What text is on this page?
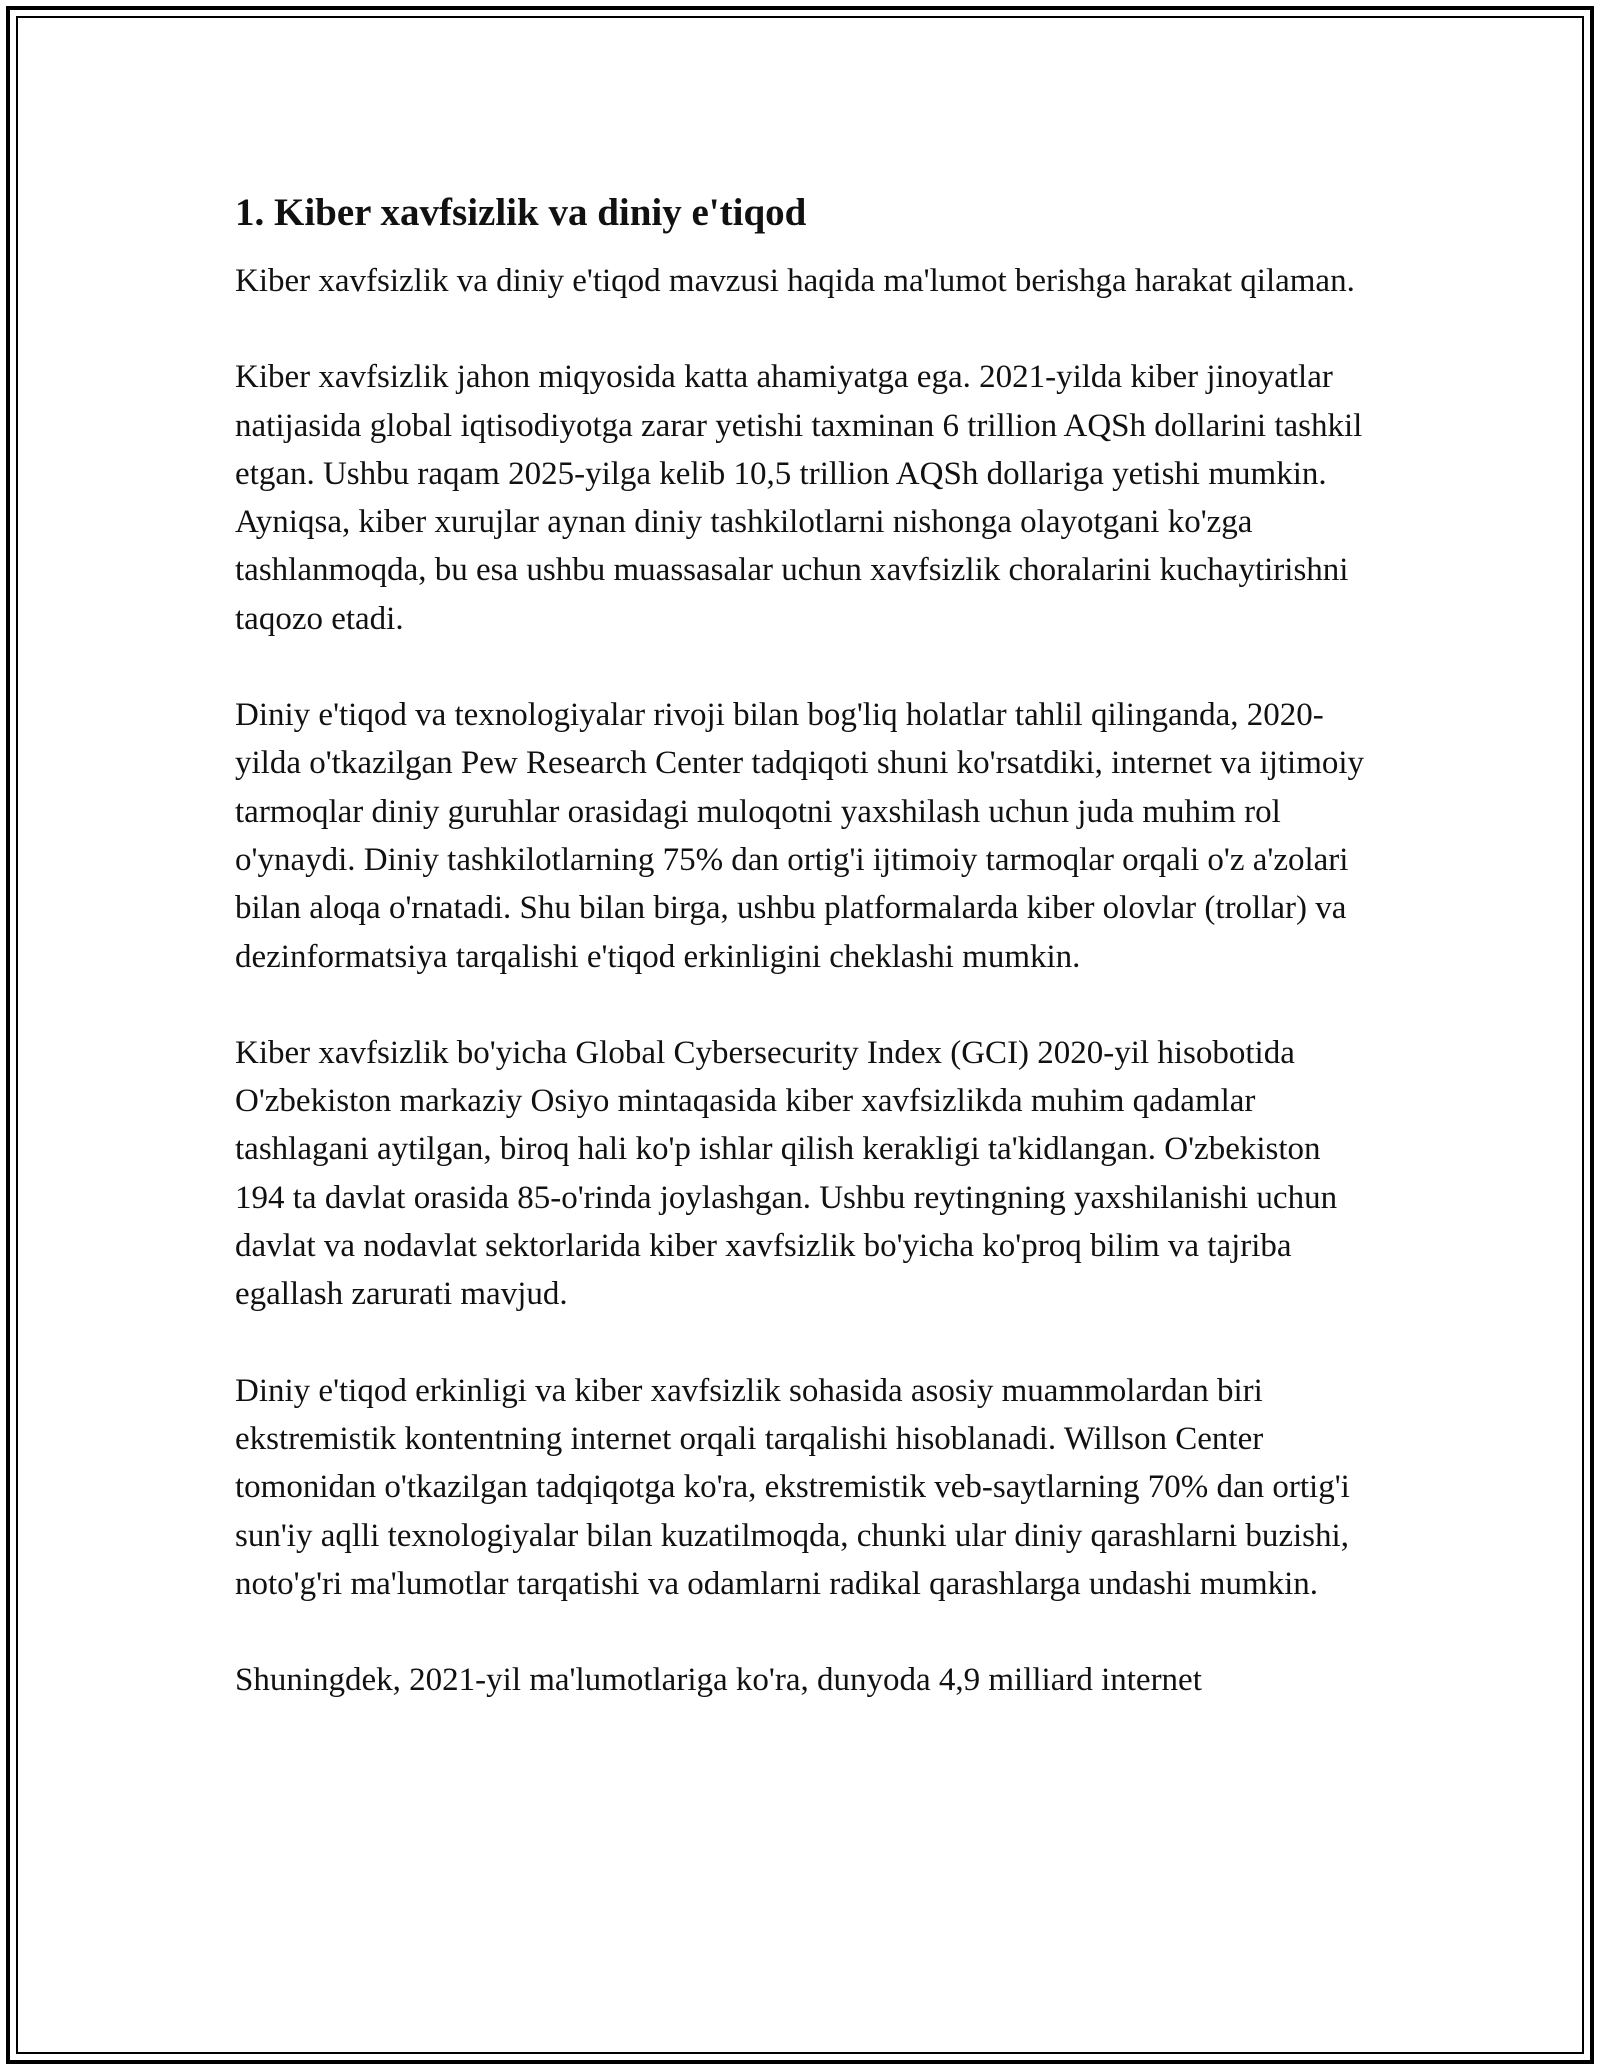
1. Kiber xavfsizlik va diniy e'tiqod

Kiber xavfsizlik va diniy e'tiqod mavzusi haqida ma'lumot berishga harakat qilaman.

Kiber xavfsizlik jahon miqyosida katta ahamiyatga ega. 2021-yilda kiber jinoyatlar natijasida global iqtisodiyotga zarar yetishi taxminan 6 trillion AQSh dollarini tashkil etgan. Ushbu raqam 2025-yilga kelib 10,5 trillion AQSh dollariga yetishi mumkin. Ayniqsa, kiber xurujlar aynan diniy tashkilotlarni nishonga olayotgani ko'zga tashlanmoqda, bu esa ushbu muassasalar uchun xavfsizlik choralarini kuchaytirishni taqozo etadi.

Diniy e'tiqod va texnologiyalar rivoji bilan bog'liq holatlar tahlil qilinganda, 2020-yilda o'tkazilgan Pew Research Center tadqiqoti shuni ko'rsatdiki, internet va ijtimoiy tarmoqlar diniy guruhlar orasidagi muloqotni yaxshilash uchun juda muhim rol o'ynaydi. Diniy tashkilotlarning 75% dan ortig'i ijtimoiy tarmoqlar orqali o'z a'zolari bilan aloqa o'rnatadi. Shu bilan birga, ushbu platformalarda kiber olovlar (trollar) va dezinformatsiya tarqalishi e'tiqod erkinligini cheklashi mumkin.

Kiber xavfsizlik bo'yicha Global Cybersecurity Index (GCI) 2020-yil hisobotida O'zbekiston markaziy Osiyo mintaqasida kiber xavfsizlikda muhim qadamlar tashlagani aytilgan, biroq hali ko'p ishlar qilish kerakligi ta'kidlangan. O'zbekiston 194 ta davlat orasida 85-o'rinda joylashgan. Ushbu reytingning yaxshilanishi uchun davlat va nodavlat sektorlarida kiber xavfsizlik bo'yicha ko'proq bilim va tajriba egallash zarurati mavjud.

Diniy e'tiqod erkinligi va kiber xavfsizlik sohasida asosiy muammolardan biri ekstremistik kontentning internet orqali tarqalishi hisoblanadi. Willson Center tomonidan o'tkazilgan tadqiqotga ko'ra, ekstremistik veb-saytlarning 70% dan ortig'i sun'iy aqlli texnologiyalar bilan kuzatilmoqda, chunki ular diniy qarashlarni buzishi, noto'g'ri ma'lumotlar tarqatishi va odamlarni radikal qarashlarga undashi mumkin.

Shuningdek, 2021-yil ma'lumotlariga ko'ra, dunyoda 4,9 milliard internet
